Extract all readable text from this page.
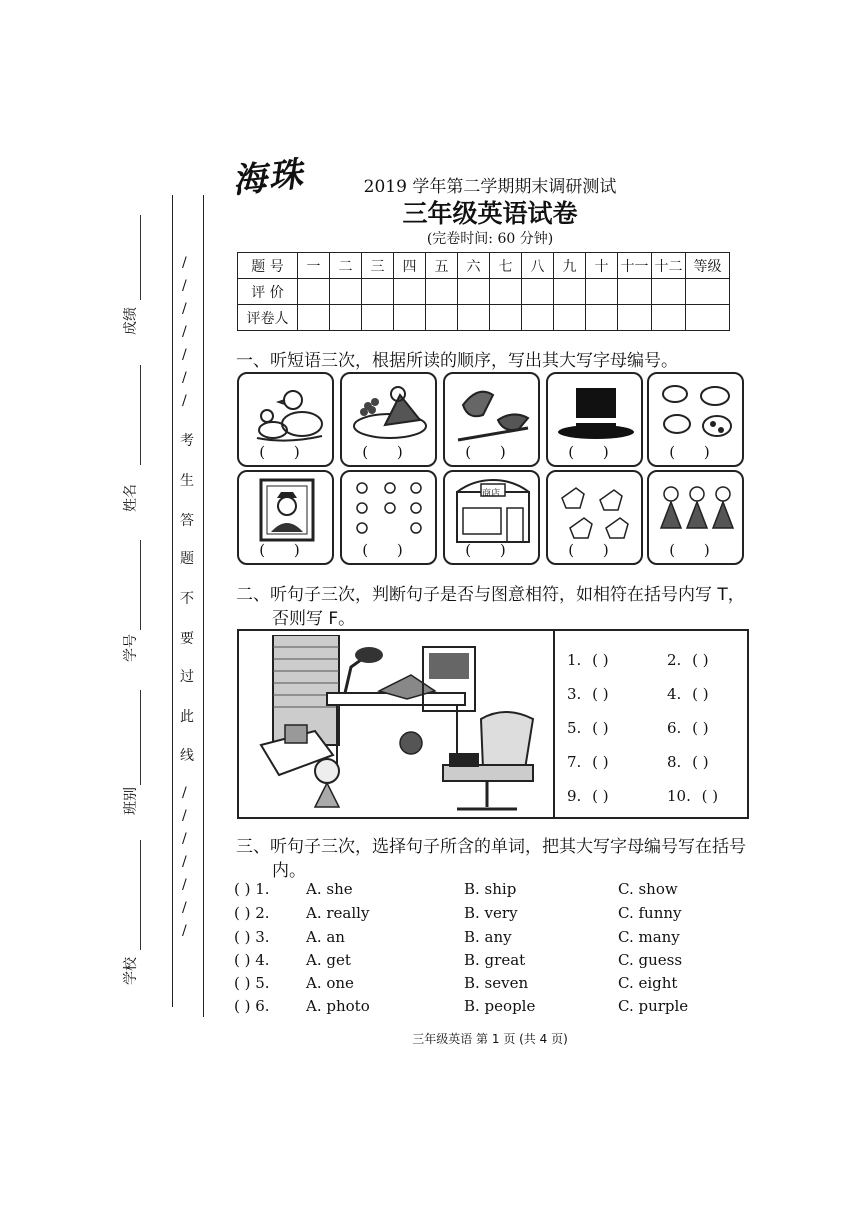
海珠	2019 学年第二学期期末调研测试
三年级英语试卷
(完卷时间: 60 分钟)
成绩
姓名
学号
班别
学校
/
/
/
/
/
/
/
考
生
答
题
不
要
过
此
线
/
/
/
/
/
/
/
题 号	一	二	三	四	五	六	七	八	九	十	十一	十二	等级
评 价													
评卷人													
一、听短语三次，根据所读的顺序，写出其大写字母编号。
( )	( )	( )	( )	( )
( )	( )
商店
( )	( )	( )
二、听句子三次，判断句子是否与图意相符，如相符在括号内写 T，
否则写 F。
1. ( )	2. ( )
3. ( )	4. ( )
5. ( )	6. ( )
7. ( )	8. ( )
9. ( )	10. ( )
三、听句子三次，选择句子所含的单词，把其大写字母编号写在括号
内。
( ) 1. A. she	B. ship	C. show
( ) 2. A. really	B. very	C. funny
( ) 3. A. an	B. any	C. many
( ) 4. A. get	B. great	C. guess
( ) 5. A. one	B. seven	C. eight
( ) 6. A. photo	B. people	C. purple
三年级英语 第 1 页 (共 4 页)
